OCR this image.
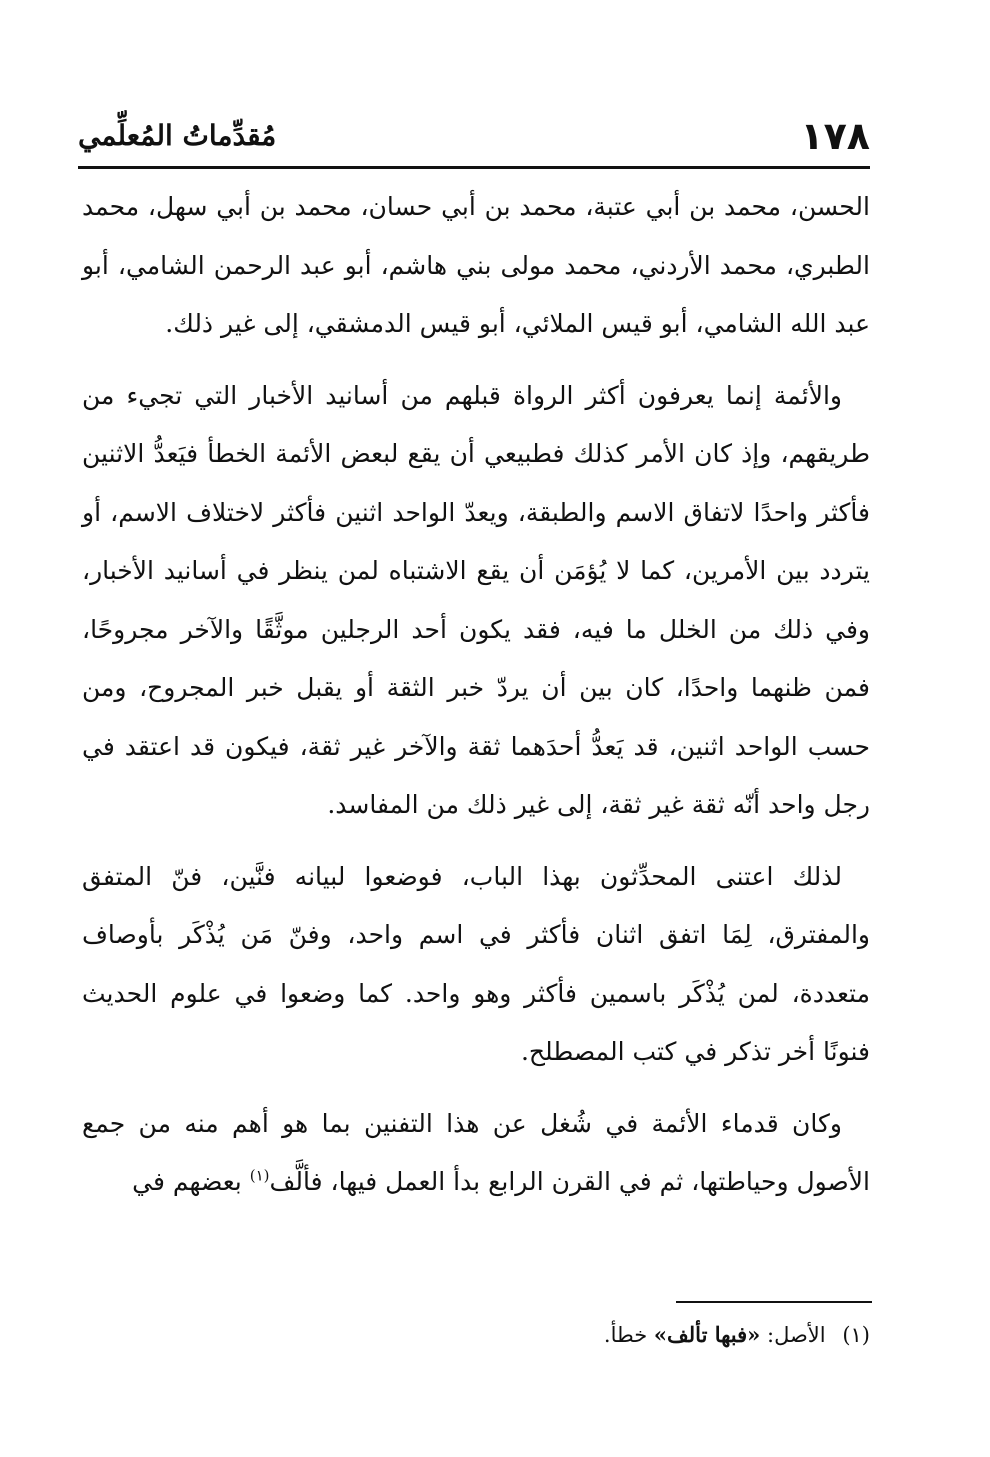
١٧٨
مُقدِّماتُ المُعلِّمي

الحسن، محمد بن أبي عتبة، محمد بن أبي حسان، محمد بن أبي سهل، محمد الطبري، محمد الأردني، محمد مولى بني هاشم، أبو عبد الرحمن الشامي، أبو عبد الله الشامي، أبو قيس الملائي، أبو قيس الدمشقي، إلى غير ذلك.

والأئمة إنما يعرفون أكثر الرواة قبلهم من أسانيد الأخبار التي تجيء من طريقهم، وإذ كان الأمر كذلك فطبيعي أن يقع لبعض الأئمة الخطأ فيَعدُّ الاثنين فأكثر واحدًا لاتفاق الاسم والطبقة، ويعدّ الواحد اثنين فأكثر لاختلاف الاسم، أو يتردد بين الأمرين، كما لا يُؤمَن أن يقع الاشتباه لمن ينظر في أسانيد الأخبار، وفي ذلك من الخلل ما فيه، فقد يكون أحد الرجلين موثَّقًا والآخر مجروحًا، فمن ظنهما واحدًا، كان بين أن يردّ خبر الثقة أو يقبل خبر المجروح، ومن حسب الواحد اثنين، قد يَعدُّ أحدَهما ثقة والآخر غير ثقة، فيكون قد اعتقد في رجل واحد أنّه ثقة غير ثقة، إلى غير ذلك من المفاسد.

لذلك اعتنى المحدِّثون بهذا الباب، فوضعوا لبيانه فنَّين، فنّ المتفق والمفترق، لِمَا اتفق اثنان فأكثر في اسم واحد، وفنّ مَن يُذْكَر بأوصاف متعددة، لمن يُذْكَر باسمين فأكثر وهو واحد. كما وضعوا في علوم الحديث فنونًا أخر تذكر في كتب المصطلح.

وكان قدماء الأئمة في شُغل عن هذا التفنين بما هو أهم منه من جمع الأصول وحياطتها، ثم في القرن الرابع بدأ العمل فيها، فألَّف$^{(١)}$ بعضهم في

(١) الأصل: «فبها تألف» خطأ.
